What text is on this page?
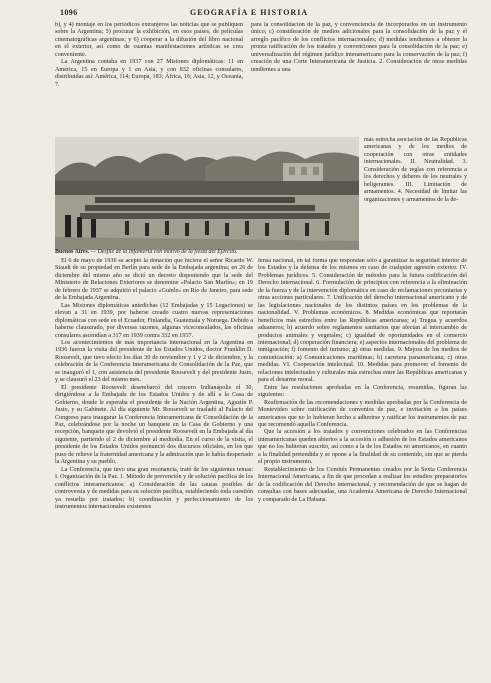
1096	GEOGRAFÍA E HISTORIA

b), y 4) montaje en los periódicos extranjeros las noticias que se publiquen sobre la Argentina; 5) procurar la exhibición, en esos países, de películas cinematográficas argentinas; y 6) cooperar a la difusión del libro nacional en el exterior, así como de cuantas manifestaciones artísticas se crea conveniente.

La Argentina contaba en 1937 con 27 Misiones diplomáticas: 11 en América, 15 en Europa y 1 en Asia, y con 832 oficinas consulares, distribuidas así: América, 114; Europa, 183; África, 16; Asia, 12, y Oceanía, 7.

para la consolidación de la paz, y convenciencia de incorporarlos en un instrumento único; c) consideración de medios adicionales para la consolidación de la paz y el arreglo pacífico de los conflictos internacionales; d) medidas tendientes a obtener la pronta ratificación de los tratados y convenciones para la consolidación de la paz; e) universalización del régimen jurídico interamericano para la conservación de la paz; f) creación de una Corte Interamericana de Justicia. 2. Consideración de otras medidas tendientes a una

más estrecha asociación de las Repúblicas americanas y de los medios de cooperación con otras entidades internacionales. II. Neutralidad. 3. Consideración de reglas con referencia a los derechos y deberes de los neutrales y beligerantes. III. Limitación de armamentos. 4. Necesidad de limitar las organizaciones y armamentos de la de-

Buenos Aires. — Desfile de la Infantería con motivo de la fiesta del Ejército.

El 6 de mayo de 1936 se aceptó la donación que hiciera el señor Ricardo W. Staudt de su propiedad en Berlín para sede de la Embajada argentina; en 26 de diciembre del mismo año se dictó un decreto disponiendo que la sede del Ministerio de Relaciones Exteriores se denomine «Palacio San Martín»; en 19 de febrero de 1937 se adquirió el palacio «Guinle» en Río de Janeiro, para sede de la Embajada Argentina.

Las Misiones diplomáticas antedichas (12 Embajadas y 15 Legaciones) se elevan a 31 en 1939, por haberse creado cuatro nuevas representaciones diplomáticas con sede en el Ecuador, Finlandia, Guatemala y Noruega. Debido a haberse clausurado, por diversas razones, algunas viceconsulados, las oficinas consulares ascendían a 317 en 1939 contra 332 en 1937.

Los acontecimientos de más importancia internacional en la Argentina en 1936 fueron la visita del presidente de los Estados Unidos, doctor Franklin D. Roosevelt, que tuvo efecto los días 30 de noviembre y 1 y 2 de diciembre, y la celebración de la Conferencia Interamericana de Consolidación de la Paz, que se inauguró el 1, con asistencia del presidente Roosevelt y del presidente Justo, y se clausuró el 23 del mismo mes.

El presidente Roosevelt desembarcó del crucero Indianápolis el 30, dirigiéndose a la Embajada de los Estados Unidos y de allí a la Casa de Gobierno, donde le esperaba el presidente de la Nación Argentina, Agustín P. Justo, y su Gabinete. Al día siguiente Mr. Roosevelt se trasladó al Palacio del Congreso para inaugurar la Conferencia Interamericana de Consolidación de la Paz, celebrándose por la noche un banquete en la Casa de Gobierno y una recepción, banquete que devolvió el presidente Roosevelt en la Embajada al día siguiente, partiendo el 2 de diciembre al mediodía. En el curso de la visita, el presidente de los Estados Unidos pronunció dos discursos oficiales, en los que puso de relieve la fraternidad americana y la admiración que le había despertado la Argentina y su pueblo.

La Conferencia, que tuvo una gran resonancia, trató de los siguientes temas: I. Organización de la Paz. 1. Método de prevención y de solución pacífica de los conflictos interamericanos: a) Consideración de las causas posibles de controversia y de medidas para su solución pacífica, estableciendo toda cuestión ya resuelta por tratados; b) coordinación y perfeccionamiento de los instrumentos internacionales existentes

fensa nacional, en tal forma que respondan sólo a garantizar la seguridad interior de los Estados y la defensa de los mismos en caso de cualquier agresión exterior. IV. Problemas jurídicos. 5. Consideración de métodos para la futura codificación del Derecho internacional. 6. Formulación de principios con referencia a la eliminación de la fuerza y de la intervención diplomática en caso de reclamaciones pecuniarias y otras acciones particulares. 7. Unificación del derecho internacional americano y de las legislaciones nacionales de los distintos países en los problemas de la nacionalidad. V. Problemas económicos. 8. Medidas económicas que reportarán beneficios más estrechos entre las Repúblicas americanas; a) Tregua y acuerdos aduaneros; b) acuerdo sobre reglamentos sanitarios que afectan al intercambio de productos animales y vegetales; c) igualdad de oportunidades en el comercio internacional; d) cooperación financiera; e) aspectos internacionales del problema de inmigración; f) fomento del turismo; g) otras medidas. 9. Mejora de los medios de comunicación: a) Comunicaciones marítimas; b) carretera panamericana; c) otras medidas. VI. Cooperación intelectual. 10. Medidas para promover el fomento de relaciones intelectuales y culturales más estrechas entre las Repúblicas americanas y para el desarme moral.

Entre las resoluciones aprobadas en la Conferencia, resumidas, figuran las siguientes:

Reafirmación de las recomendaciones y medidas aprobadas por la Conferencia de Montevideo sobre ratificación de convenios de paz, e invitación a los países americanos que no lo hubieran hecho a adherirse y ratificar los instrumentos de paz que recomendó aquella Conferencia.

Que la accesión a los tratados y convenciones celebrados en las Conferencias interamericanas queden abiertos a la accesión o adhesión de los Estados americanos que no los hubieran suscrito, así como a la de los Estados no americanos, en cuanto a la finalidad pretendida y se opone a la finalidad de su contenido, sin que se pierda el propio instrumento.

Restablecimiento de los Comités Permanentes creados por la Sexta Conferencia Internacional Americana, a fin de que procedan a realizar los estudios preparatorios de la codificación del Derecho internacional, y recomendación de que se hagan de consultas con bases adecuadas, una Academia Americana de Derecho Internacional y comparado de La Habana.
